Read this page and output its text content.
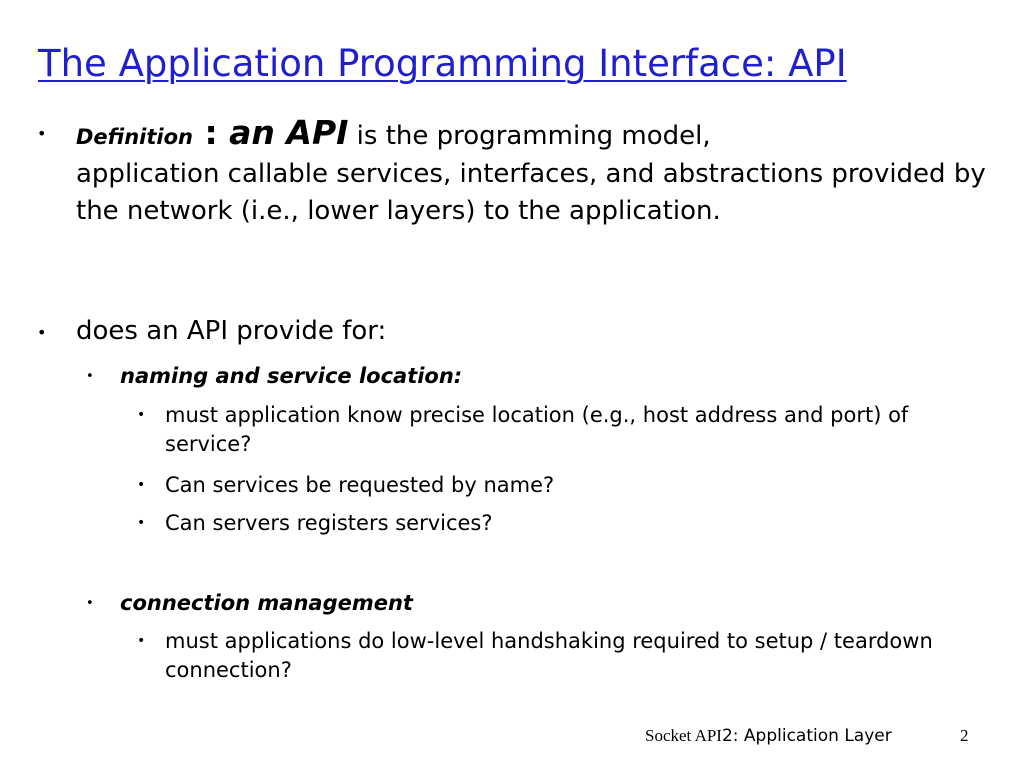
The Application Programming Interface: API
• Definition : an API is the programming model,
application callable services, interfaces, and abstractions provided by the network (i.e., lower layers) to the application.
• does an API provide for:
• naming and service location:
• must application know precise location (e.g., host address and port) of service?
• Can services be requested by name?
• Can servers registers services?
• connection management
• must applications do low-level handshaking required to setup / teardown connection?
Socket API2: Application Layer	2
